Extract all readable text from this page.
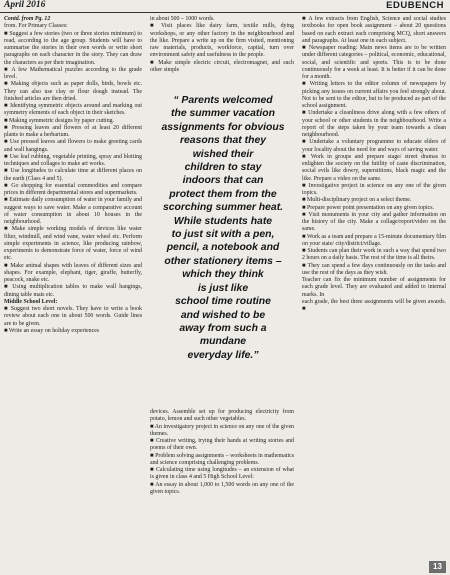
April 2016	EDUBENCH

Contd. from Pg. 12

from. For Primary Classes:

■ Suggest a few stories (two or three stories minimum) to read, according to the age group. Students will have to summarise the stories in their own words or write short paragraphs on each character in the story. They can draw the characters as per their imagination.

■ A few Mathematical puzzles according to the grade level.

■ Making objects such as paper dolls, birds, bowls etc. They can also use clay or flour dough instead. The finished articles are then dried.

■ Identifying symmetric objects around and marking out symmetry elements of each object in their sketches.

■ Making symmetric designs by paper cutting.

■ Pressing leaves and flowers of at least 20 different plants to make a herbarium.

■ Use pressed leaves and flowers to make greeting cards and wall hangings.

■ Use leaf rubbing, vegetable printing, spray and blotting techniques and collages to make art works.

■ Use longitudes to calculate time at different places on the earth (Class 4 and 5).

■ Go shopping for essential commodities and compare prices in different departmental stores and supermarkets.

■ Estimate daily consumption of water in your family and suggest ways to save water. Make a comparative account of water consumption in about 10 houses in the neighbourhood.

■ Make simple working models of devices like water filter, windmill, and wind vane, water wheel etc. Perform simple experiments in science, like producing rainbow, experiments to demonstrate force of water, force of wind etc.

■ Make animal shapes with leaves of different sizes and shapes. For example, elephant, tiger, giraffe, butterfly, peacock, snake etc.

■ Using multiplication tables to make wall hangings, dining table mats etc.

Middle School Level:

■ Suggest two short novels. They have to write a book review about each one in about 500 words. Guide lines are to be given.

■ Write an essay on holiday experiences

in about 500 – 1000 words.

■ Visit places like dairy farm, textile mills, dying workshops, or any other factory in the neighbourhood and the like. Prepare a write up on the firm visited, mentioning raw materials, products, workforce, capital, turn over environment safety and usefulness to the people.

■ Make simple electric circuit, electromagnet, and such other simple

“ Parents welcomed
the summer vacation
assignments for obvious
reasons that they
wished their
children to stay
indoors that can
protect them from the
scorching summer heat.
While students hate
to just sit with a pen,
pencil, a notebook and
other stationery items –
which they think
is just like
school time routine
and wished to be
away from such a
mundane
everyday life.”

devices. Assemble set up for producing electricity from potato, lemon and such other vegetables.

■ An investigatory project in science on any one of the given themes.

■ Creative writing, trying their hands at writing stories and poems of their own.

■ Problem solving assignments – worksheets in mathematics and science comprising challenging problems.

■ Calculating time using longitudes – an extension of what is given in class 4 and 5 High School Level:

■ An essay in about 1,000 to 1,500 words on any one of the given topics.

■ A few extracts from English, Science and social studies textbooks for open book assignment – about 20 questions based on each extract each comprising MCQ, short answers and paragraphs. At least one in each subject.

■ Newspaper reading: Main news items are to be written under different categories – political, economic, educational, social, and scientific and sports. This is to be done continuously for a week at least. It is better if it can be done for a month.

■ Writing letters to the editor column of newspapers by picking any issues on current affairs you feel strongly about. Not to be sent to the editor, but to be produced as part of the school assignment.

■ Undertake a cleanliness drive along with a few others of your school or other students in the neighbourhood. Write a report of the steps taken by your team towards a clean neighbourhood.

■ Undertake a voluntary programme to educate elders of your locality about the need for and ways of saving water.

■ Work in groups and prepare stage/ street dramas to enlighten the society on the futility of caste discrimination, social evils like dowry, superstitions, black magic and the like. Prepare a video on the same.

■ Investigative project in science on any one of the given topics.

■ Multi-disciplinary project on a select theme.

■ Prepare power point presentation on any given topics.

■ Visit monuments in your city and gather information on the history of the city. Make a collage/report/video on the same.

■ Work as a team and prepare a 15-minute documentary film on your state/ city/district/village.

■ Students can plan their work in such a way that spend two 2 hours on a daily basis. The rest of the time is all theirs.

■ They can spend a few days continuously on the tasks and use the rest of the days as they wish.

Teacher can fix the minimum number of assignments for each grade level. They are evaluated and added to internal marks. In

each grade, the best three assignments will be given awards. ■

13
